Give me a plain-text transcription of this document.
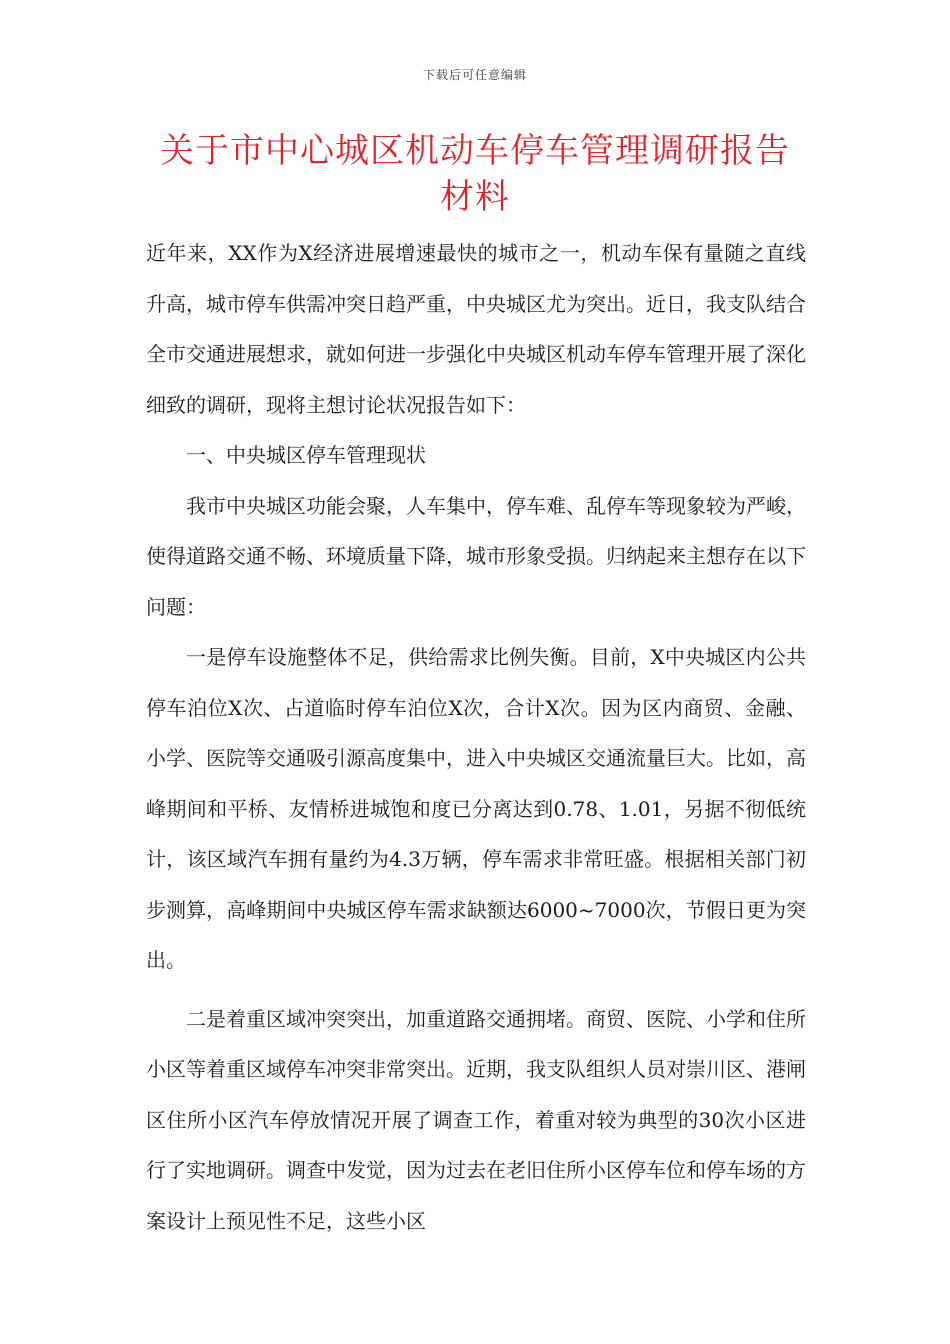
下载后可任意编辑
关于市中心城区机动车停车管理调研报告
材料

近年来，XX作为X经济进展增速最快的城市之一，机动车保有量随之直线升高，城市停车供需冲突日趋严重，中央城区尤为突出。近日，我支队结合全市交通进展想求，就如何进一步强化中央城区机动车停车管理开展了深化细致的调研，现将主想讨论状况报告如下：

一、中央城区停车管理现状

我市中央城区功能会聚，人车集中，停车难、乱停车等现象较为严峻，使得道路交通不畅、环境质量下降，城市形象受损。归纳起来主想存在以下问题：

一是停车设施整体不足，供给需求比例失衡。目前，X中央城区内公共停车泊位X次、占道临时停车泊位X次，合计X次。因为区内商贸、金融、小学、医院等交通吸引源高度集中，进入中央城区交通流量巨大。比如，高峰期间和平桥、友情桥进城饱和度已分离达到0.78、1.01，另据不彻低统计，该区域汽车拥有量约为4.3万辆，停车需求非常旺盛。根据相关部门初步测算，高峰期间中央城区停车需求缺额达6000~7000次，节假日更为突出。

二是着重区域冲突突出，加重道路交通拥堵。商贸、医院、小学和住所小区等着重区域停车冲突非常突出。近期，我支队组织人员对崇川区、港闸区住所小区汽车停放情况开展了调查工作，着重对较为典型的30次小区进行了实地调研。调查中发觉，因为过去在老旧住所小区停车位和停车场的方案设计上预见性不足，这些小区
